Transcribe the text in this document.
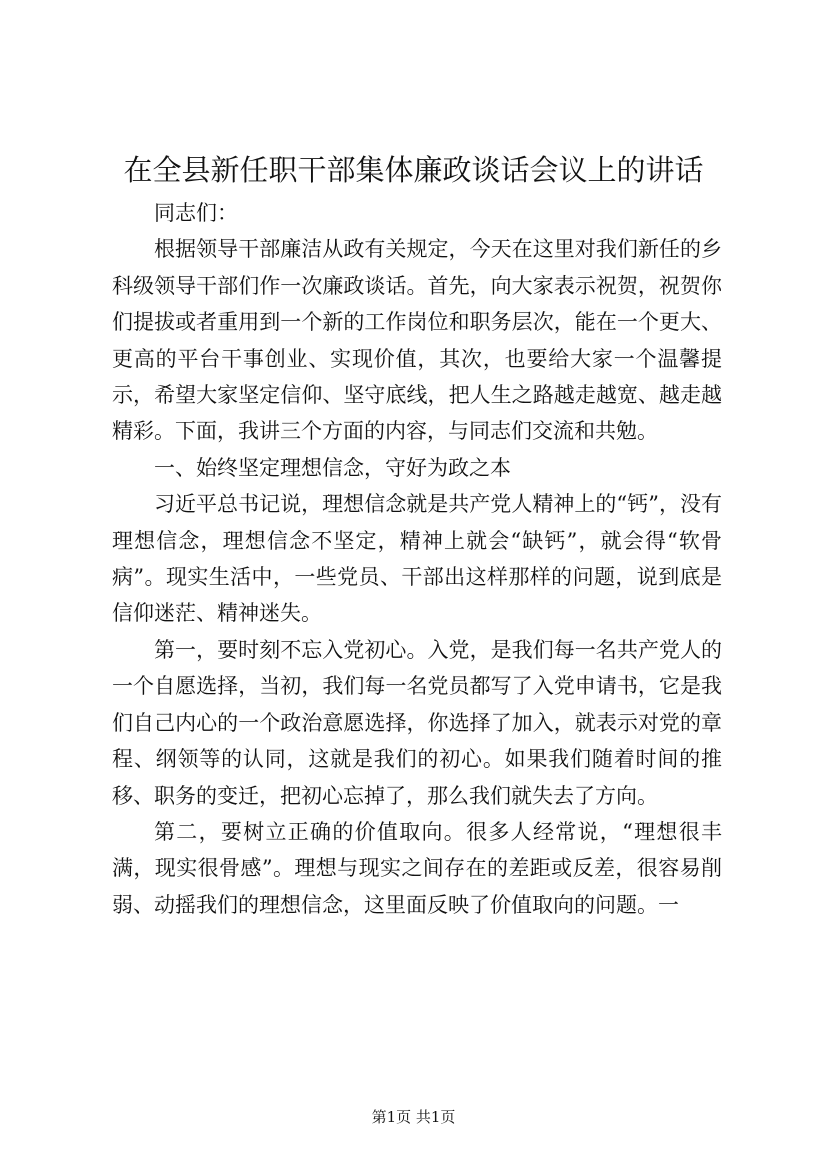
在全县新任职干部集体廉政谈话会议上的讲话

同志们：

根据领导干部廉洁从政有关规定，今天在这里对我们新任的乡科级领导干部们作一次廉政谈话。首先，向大家表示祝贺，祝贺你们提拔或者重用到一个新的工作岗位和职务层次，能在一个更大、更高的平台干事创业、实现价值，其次，也要给大家一个温馨提示，希望大家坚定信仰、坚守底线，把人生之路越走越宽、越走越精彩。下面，我讲三个方面的内容，与同志们交流和共勉。

一、始终坚定理想信念，守好为政之本

习近平总书记说，理想信念就是共产党人精神上的“钙”，没有理想信念，理想信念不坚定，精神上就会“缺钙”，就会得“软骨病”。现实生活中，一些党员、干部出这样那样的问题，说到底是信仰迷茫、精神迷失。

第一，要时刻不忘入党初心。入党，是我们每一名共产党人的一个自愿选择，当初，我们每一名党员都写了入党申请书，它是我们自己内心的一个政治意愿选择，你选择了加入，就表示对党的章程、纲领等的认同，这就是我们的初心。如果我们随着时间的推移、职务的变迁，把初心忘掉了，那么我们就失去了方向。

第二，要树立正确的价值取向。很多人经常说，“理想很丰满，现实很骨感”。理想与现实之间存在的差距或反差，很容易削弱、动摇我们的理想信念，这里面反映了价值取向的问题。一

第1页 共1页
